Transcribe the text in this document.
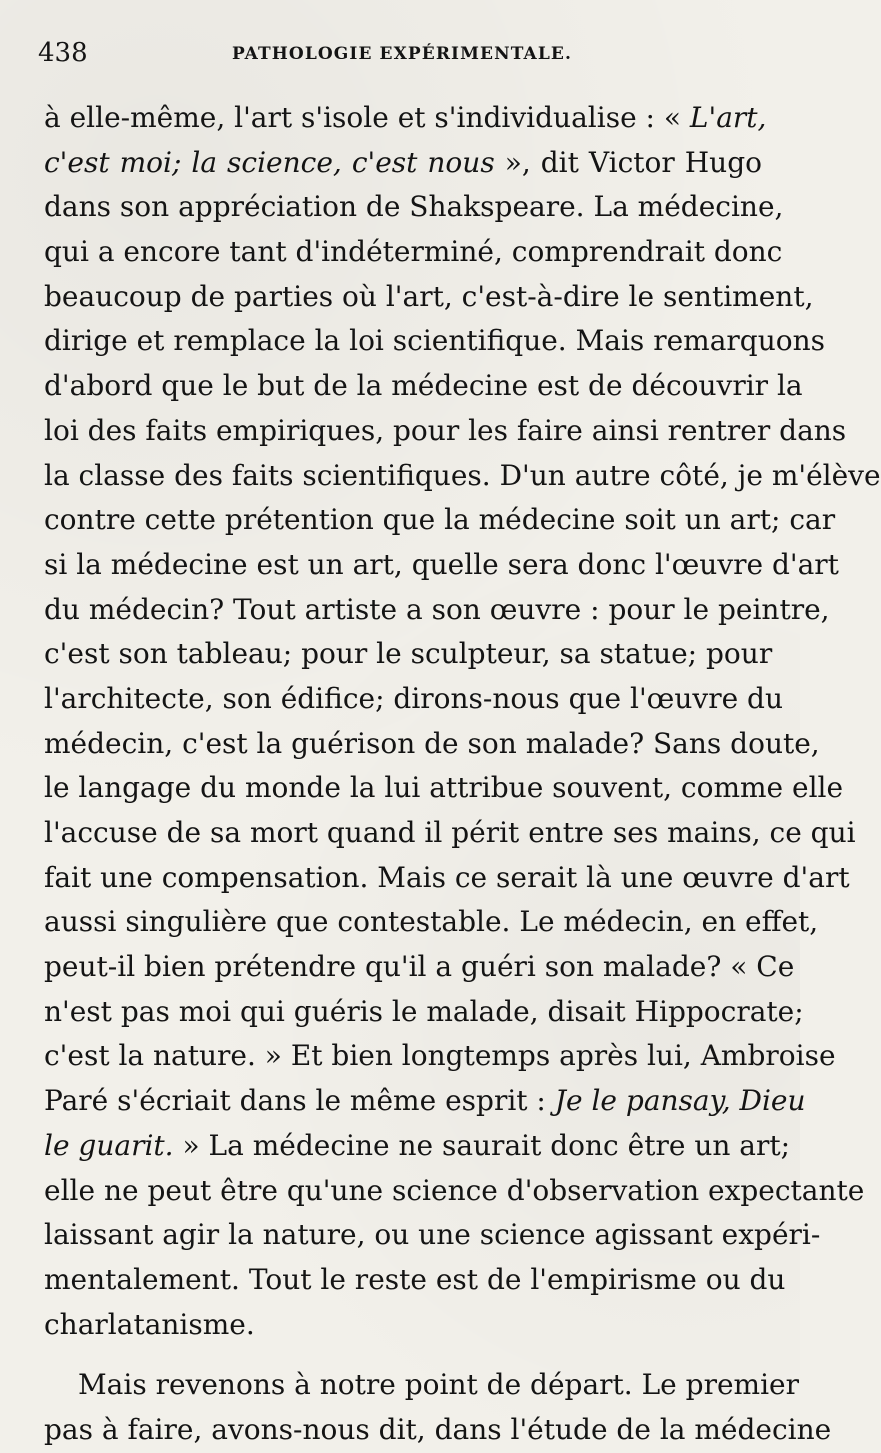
438	PATHOLOGIE EXPÉRIMENTALE.
à elle-même, l'art s'isole et s'individualise : « L'art,
c'est moi; la science, c'est nous », dit Victor Hugo
dans son appréciation de Shakspeare. La médecine,
qui a encore tant d'indéterminé, comprendrait donc
beaucoup de parties où l'art, c'est-à-dire le sentiment,
dirige et remplace la loi scientifique. Mais remarquons
d'abord que le but de la médecine est de découvrir la
loi des faits empiriques, pour les faire ainsi rentrer dans
la classe des faits scientifiques. D'un autre côté, je m'élève
contre cette prétention que la médecine soit un art; car
si la médecine est un art, quelle sera donc l'œuvre d'art
du médecin? Tout artiste a son œuvre : pour le peintre,
c'est son tableau; pour le sculpteur, sa statue; pour
l'architecte, son édifice; dirons-nous que l'œuvre du
médecin, c'est la guérison de son malade? Sans doute,
le langage du monde la lui attribue souvent, comme elle
l'accuse de sa mort quand il périt entre ses mains, ce qui
fait une compensation. Mais ce serait là une œuvre d'art
aussi singulière que contestable. Le médecin, en effet,
peut-il bien prétendre qu'il a guéri son malade? « Ce
n'est pas moi qui guéris le malade, disait Hippocrate;
c'est la nature. » Et bien longtemps après lui, Ambroise
Paré s'écriait dans le même esprit : Je le pansay, Dieu
le guarit. » La médecine ne saurait donc être un art;
elle ne peut être qu'une science d'observation expectante
laissant agir la nature, ou une science agissant expéri-
mentalement. Tout le reste est de l'empirisme ou du
charlatanisme.
Mais revenons à notre point de départ. Le premier
pas à faire, avons-nous dit, dans l'étude de la médecine
